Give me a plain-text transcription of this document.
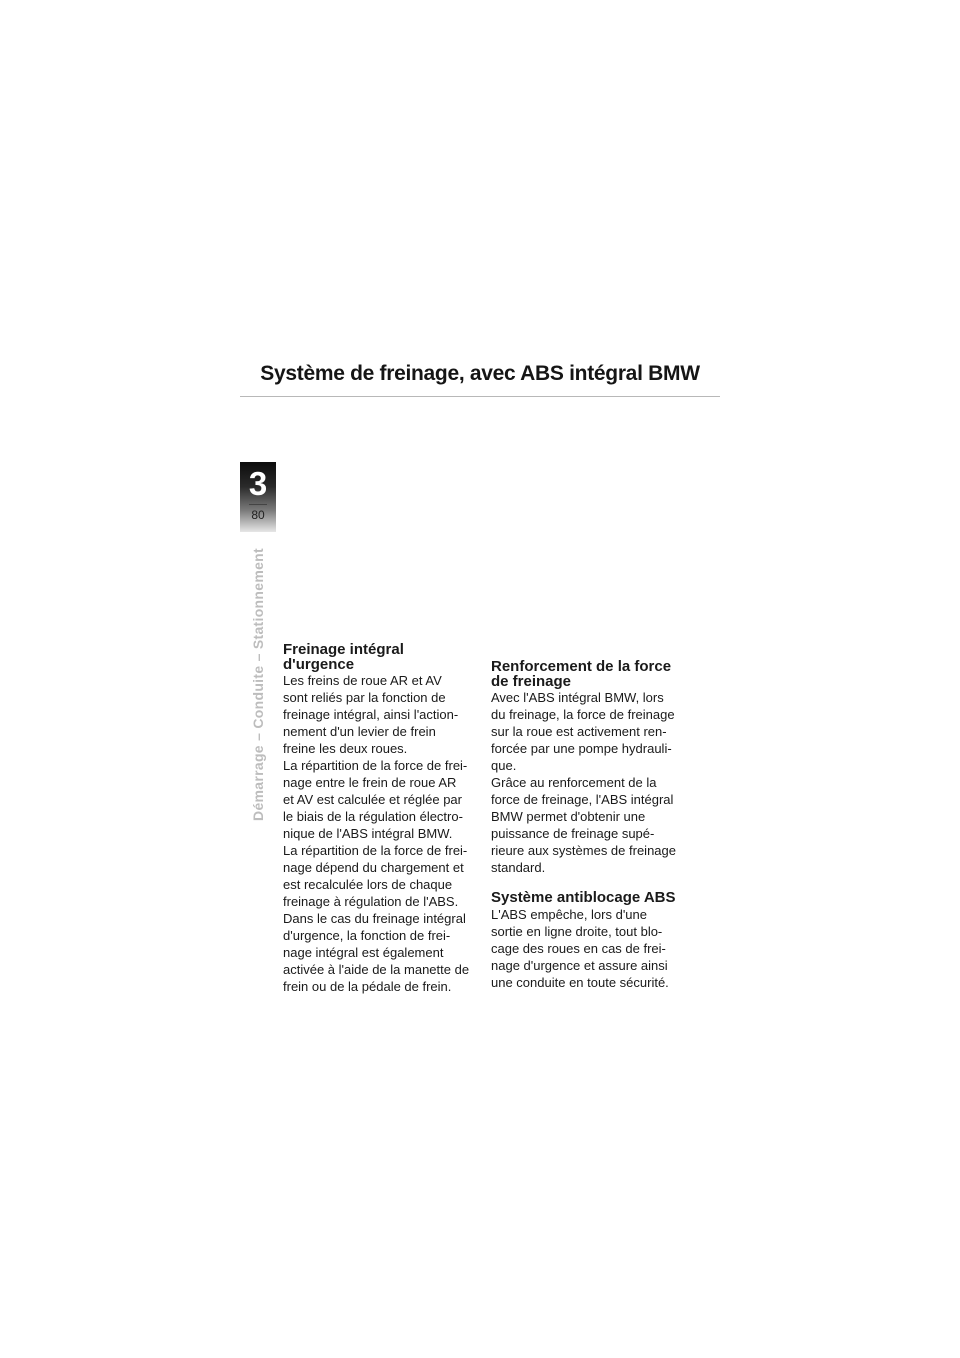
Système de freinage, avec ABS intégral BMW
3
80
Démarrage – Conduite – Stationnement Freinage intégral
d'urgence

Les freins de roue AR et AV
sont reliés par la fonction de
freinage intégral, ainsi l'action-
nement d'un levier de frein
freine les deux roues.
La répartition de la force de frei-
nage entre le frein de roue AR
et AV est calculée et réglée par
le biais de la régulation électro-
nique de l'ABS intégral BMW.
La répartition de la force de frei-
nage dépend du chargement et
est recalculée lors de chaque
freinage à régulation de l'ABS.
Dans le cas du freinage intégral
d'urgence, la fonction de frei-
nage intégral est également
activée à l'aide de la manette de
frein ou de la pédale de frein.

Renforcement de la force
de freinage

Avec l'ABS intégral BMW, lors
du freinage, la force de freinage
sur la roue est activement ren-
forcée par une pompe hydrauli-
que.
Grâce au renforcement de la
force de freinage, l'ABS intégral
BMW permet d'obtenir une
puissance de freinage supé-
rieure aux systèmes de freinage
standard.

Système antiblocage ABS

L'ABS empêche, lors d'une
sortie en ligne droite, tout blo-
cage des roues en cas de frei-
nage d'urgence et assure ainsi
une conduite en toute sécurité.
